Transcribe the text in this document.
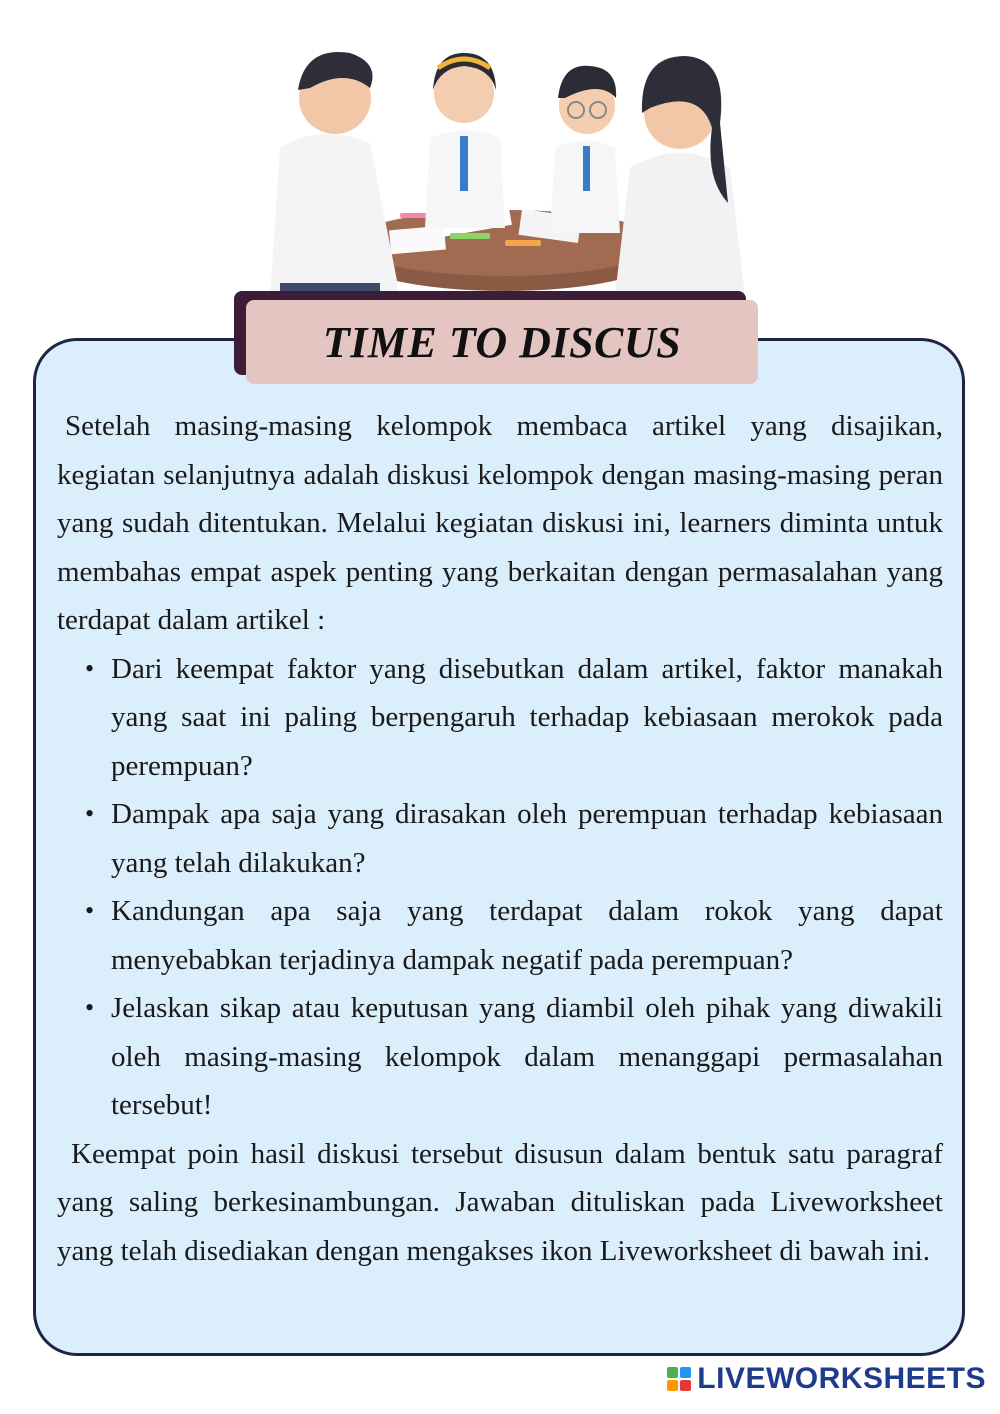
TIME TO DISCUS

Setelah masing-masing kelompok membaca artikel yang disajikan, kegiatan selanjutnya adalah diskusi kelompok dengan masing-masing peran yang sudah ditentukan. Melalui kegiatan diskusi ini, learners diminta untuk membahas empat aspek penting yang berkaitan dengan permasalahan yang terdapat dalam artikel :

• Dari keempat faktor yang disebutkan dalam artikel, faktor manakah yang saat ini paling berpengaruh terhadap kebiasaan merokok pada perempuan?
• Dampak apa saja yang dirasakan oleh perempuan terhadap kebiasaan yang telah dilakukan?
• Kandungan apa saja yang terdapat dalam rokok yang dapat menyebabkan terjadinya dampak negatif pada perempuan?
• Jelaskan sikap atau keputusan yang diambil oleh pihak yang diwakili oleh masing-masing kelompok dalam menanggapi permasalahan tersebut!

Keempat poin hasil diskusi tersebut disusun dalam bentuk satu paragraf yang saling berkesinambungan. Jawaban dituliskan pada Liveworksheet yang telah disediakan dengan mengakses ikon Liveworksheet di bawah ini.

LIVEWORKSHEETS
